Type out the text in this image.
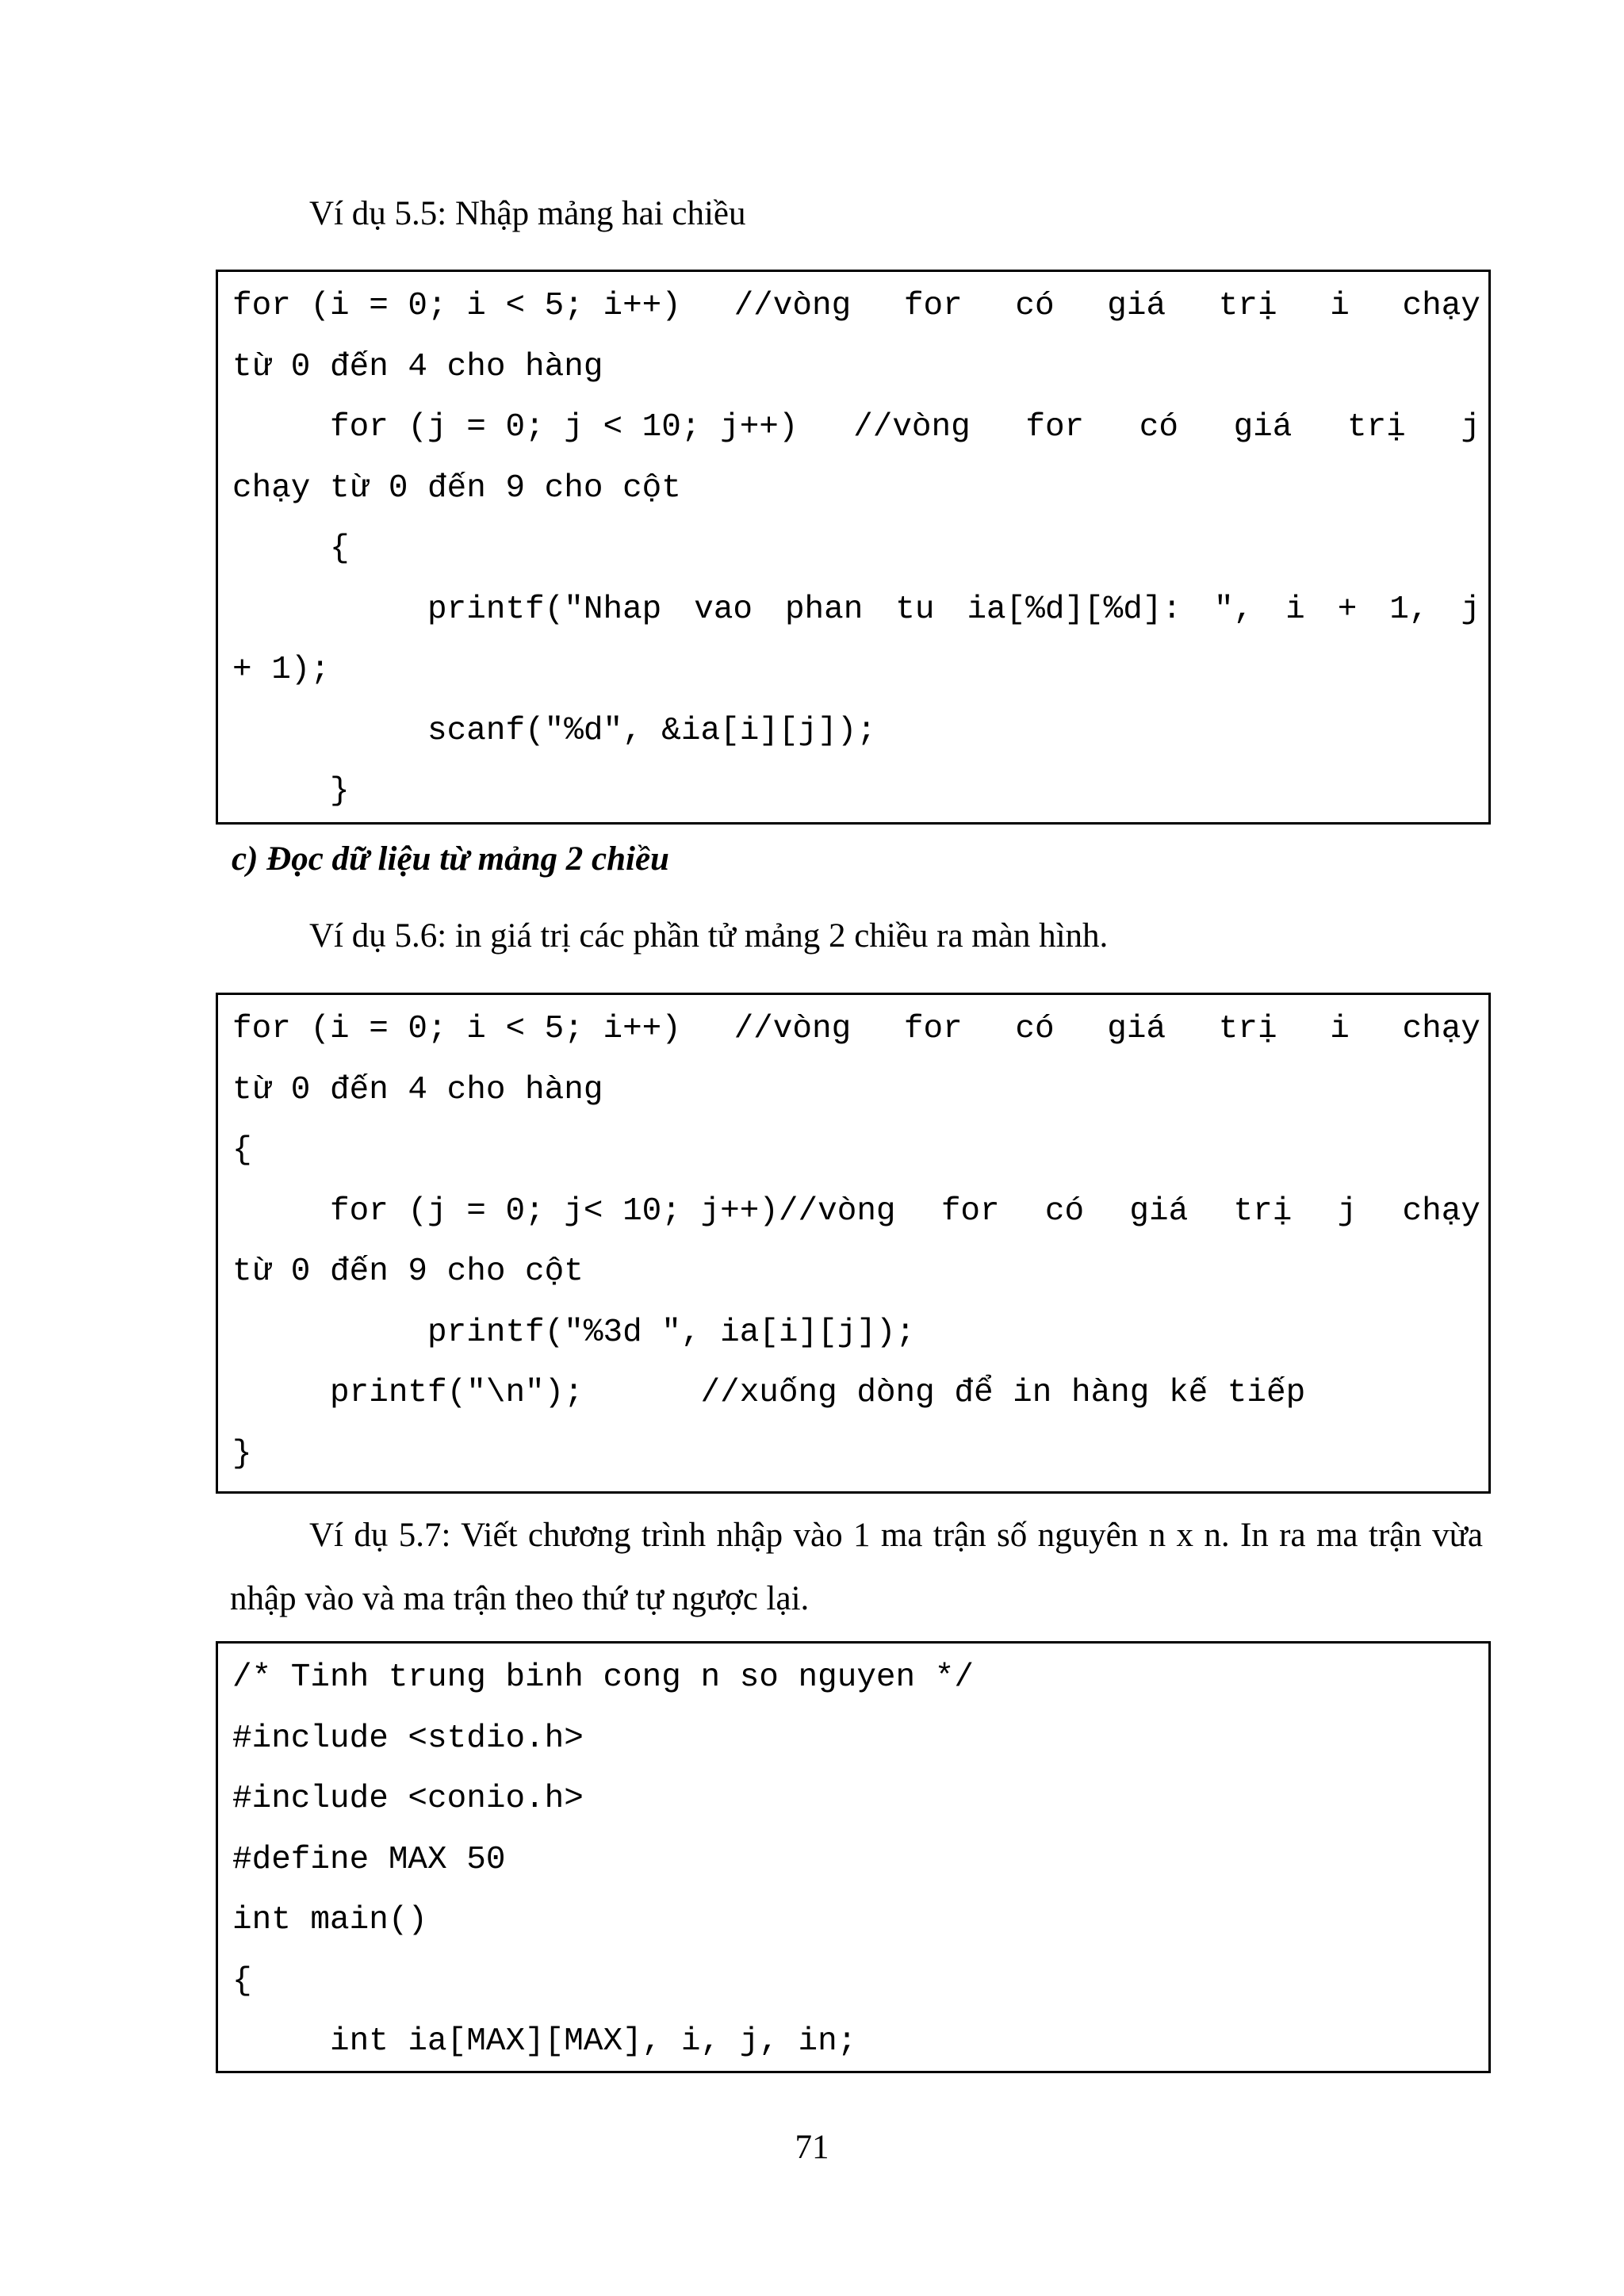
Ví dụ 5.5: Nhập mảng hai chiều

for (i = 0; i < 5; i++) //vòng for có giá trị i chạy
từ 0 đến 4 cho hàng
for (j = 0; j < 10; j++) //vòng for có giá trị j
chạy từ 0 đến 9 cho cột
{
printf("Nhap vao phan tu ia[%d][%d]: ", i + 1, j
+ 1);
scanf("%d", &ia[i][j]);
}

c) Đọc dữ liệu từ mảng 2 chiều

Ví dụ 5.6: in giá trị các phần tử mảng 2 chiều ra màn hình.

for (i = 0; i < 5; i++) //vòng for có giá trị i chạy
từ 0 đến 4 cho hàng
{
for (j = 0; j< 10; j++)//vòng for có giá trị j chạy
từ 0 đến 9 cho cột
printf("%3d ", ia[i][j]);
printf("\n");      //xuống dòng để in hàng kế tiếp
}

Ví dụ 5.7: Viết chương trình nhập vào 1 ma trận số nguyên n x n. In ra ma trận vừa nhập vào và ma trận theo thứ tự ngược lại.

/* Tinh trung binh cong n so nguyen */
#include <stdio.h>
#include <conio.h>
#define MAX 50
int main()
{
int ia[MAX][MAX], i, j, in;
71
